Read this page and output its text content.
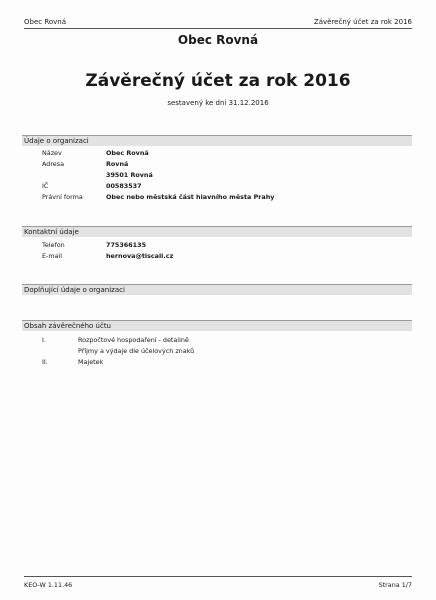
Obec Rovná	Závěrečný účet za rok 2016
Obec Rovná
Závěrečný účet za rok 2016
sestavený ke dni 31.12.2016
Údaje o organizaci
Název	Obec Rovná
Adresa	Rovná
39501 Rovná
IČ	00583537
Právní forma	Obec nebo městská část hlavního města Prahy
Kontaktní údaje
Telefon	775366135
E-mail	hernova@tiscali.cz
Doplňující údaje o organizaci
Obsah závěrečného účtu
I.	Rozpočtové hospodaření - detailně
Příjmy a výdaje dle účelových znaků
II.	Majetek
KEO-W 1.11.46	Strana 1/7
